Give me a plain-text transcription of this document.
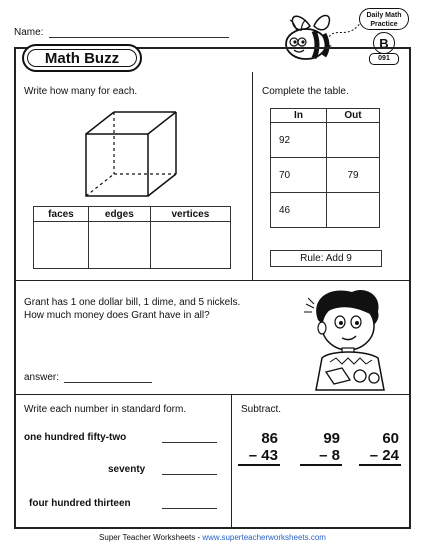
Name:
Daily Math
Practice
B
091
Math Buzz
Write how many for each.
faces	edges	vertices

Complete the table.
In	Out
92	
70	79
46	
Rule: Add 9
Grant has 1 one dollar bill, 1 dime, and 5 nickels.
How much money does Grant have in all?
answer:
Write each number in standard form.
one hundred fifty-two
seventy
four hundred thirteen
Subtract.
86
– 43
99
– 8
60
– 24
Super Teacher Worksheets - www.superteacherworksheets.com
